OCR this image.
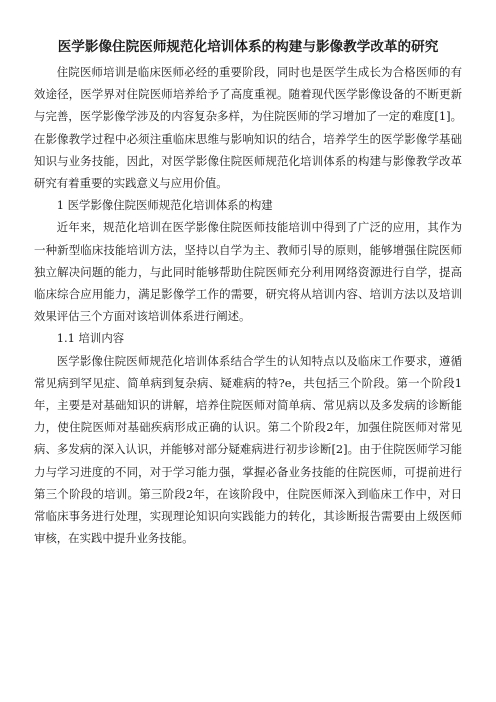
医学影像住院医师规范化培训体系的构建与影像教学改革的研究

住院医师培训是临床医师必经的重要阶段，同时也是医学生成长为合格医师的有效途径，医学界对住院医师培养给予了高度重视。随着现代医学影像设备的不断更新与完善，医学影像学涉及的内容复杂多样，为住院医师的学习增加了一定的难度[1]。在影像教学过程中必须注重临床思维与影响知识的结合，培养学生的医学影像学基础知识与业务技能，因此，对医学影像住院医师规范化培训体系的构建与影像教学改革研究有着重要的实践意义与应用价值。

1 医学影像住院医师规范化培训体系的构建

近年来，规范化培训在医学影像住院医师技能培训中得到了广泛的应用，其作为一种新型临床技能培训方法，坚持以自学为主、教师引导的原则，能够增强住院医师独立解决问题的能力，与此同时能够帮助住院医师充分利用网络资源进行自学，提高临床综合应用能力，满足影像学工作的需要，研究将从培训内容、培训方法以及培训效果评估三个方面对该培训体系进行阐述。

1.1 培训内容

医学影像住院医师规范化培训体系结合学生的认知特点以及临床工作要求，遵循常见病到罕见症、简单病到复杂病、疑难病的特?e，共包括三个阶段。第一个阶段1年，主要是对基础知识的讲解，培养住院医师对简单病、常见病以及多发病的诊断能力，使住院医师对基础疾病形成正确的认识。第二个阶段2年，加强住院医师对常见病、多发病的深入认识，并能够对部分疑难病进行初步诊断[2]。由于住院医师学习能力与学习进度的不同，对于学习能力强，掌握必备业务技能的住院医师，可提前进行第三个阶段的培训。第三阶段2年，在该阶段中，住院医师深入到临床工作中，对日常临床事务进行处理，实现理论知识向实践能力的转化，其诊断报告需要由上级医师审核，在实践中提升业务技能。
